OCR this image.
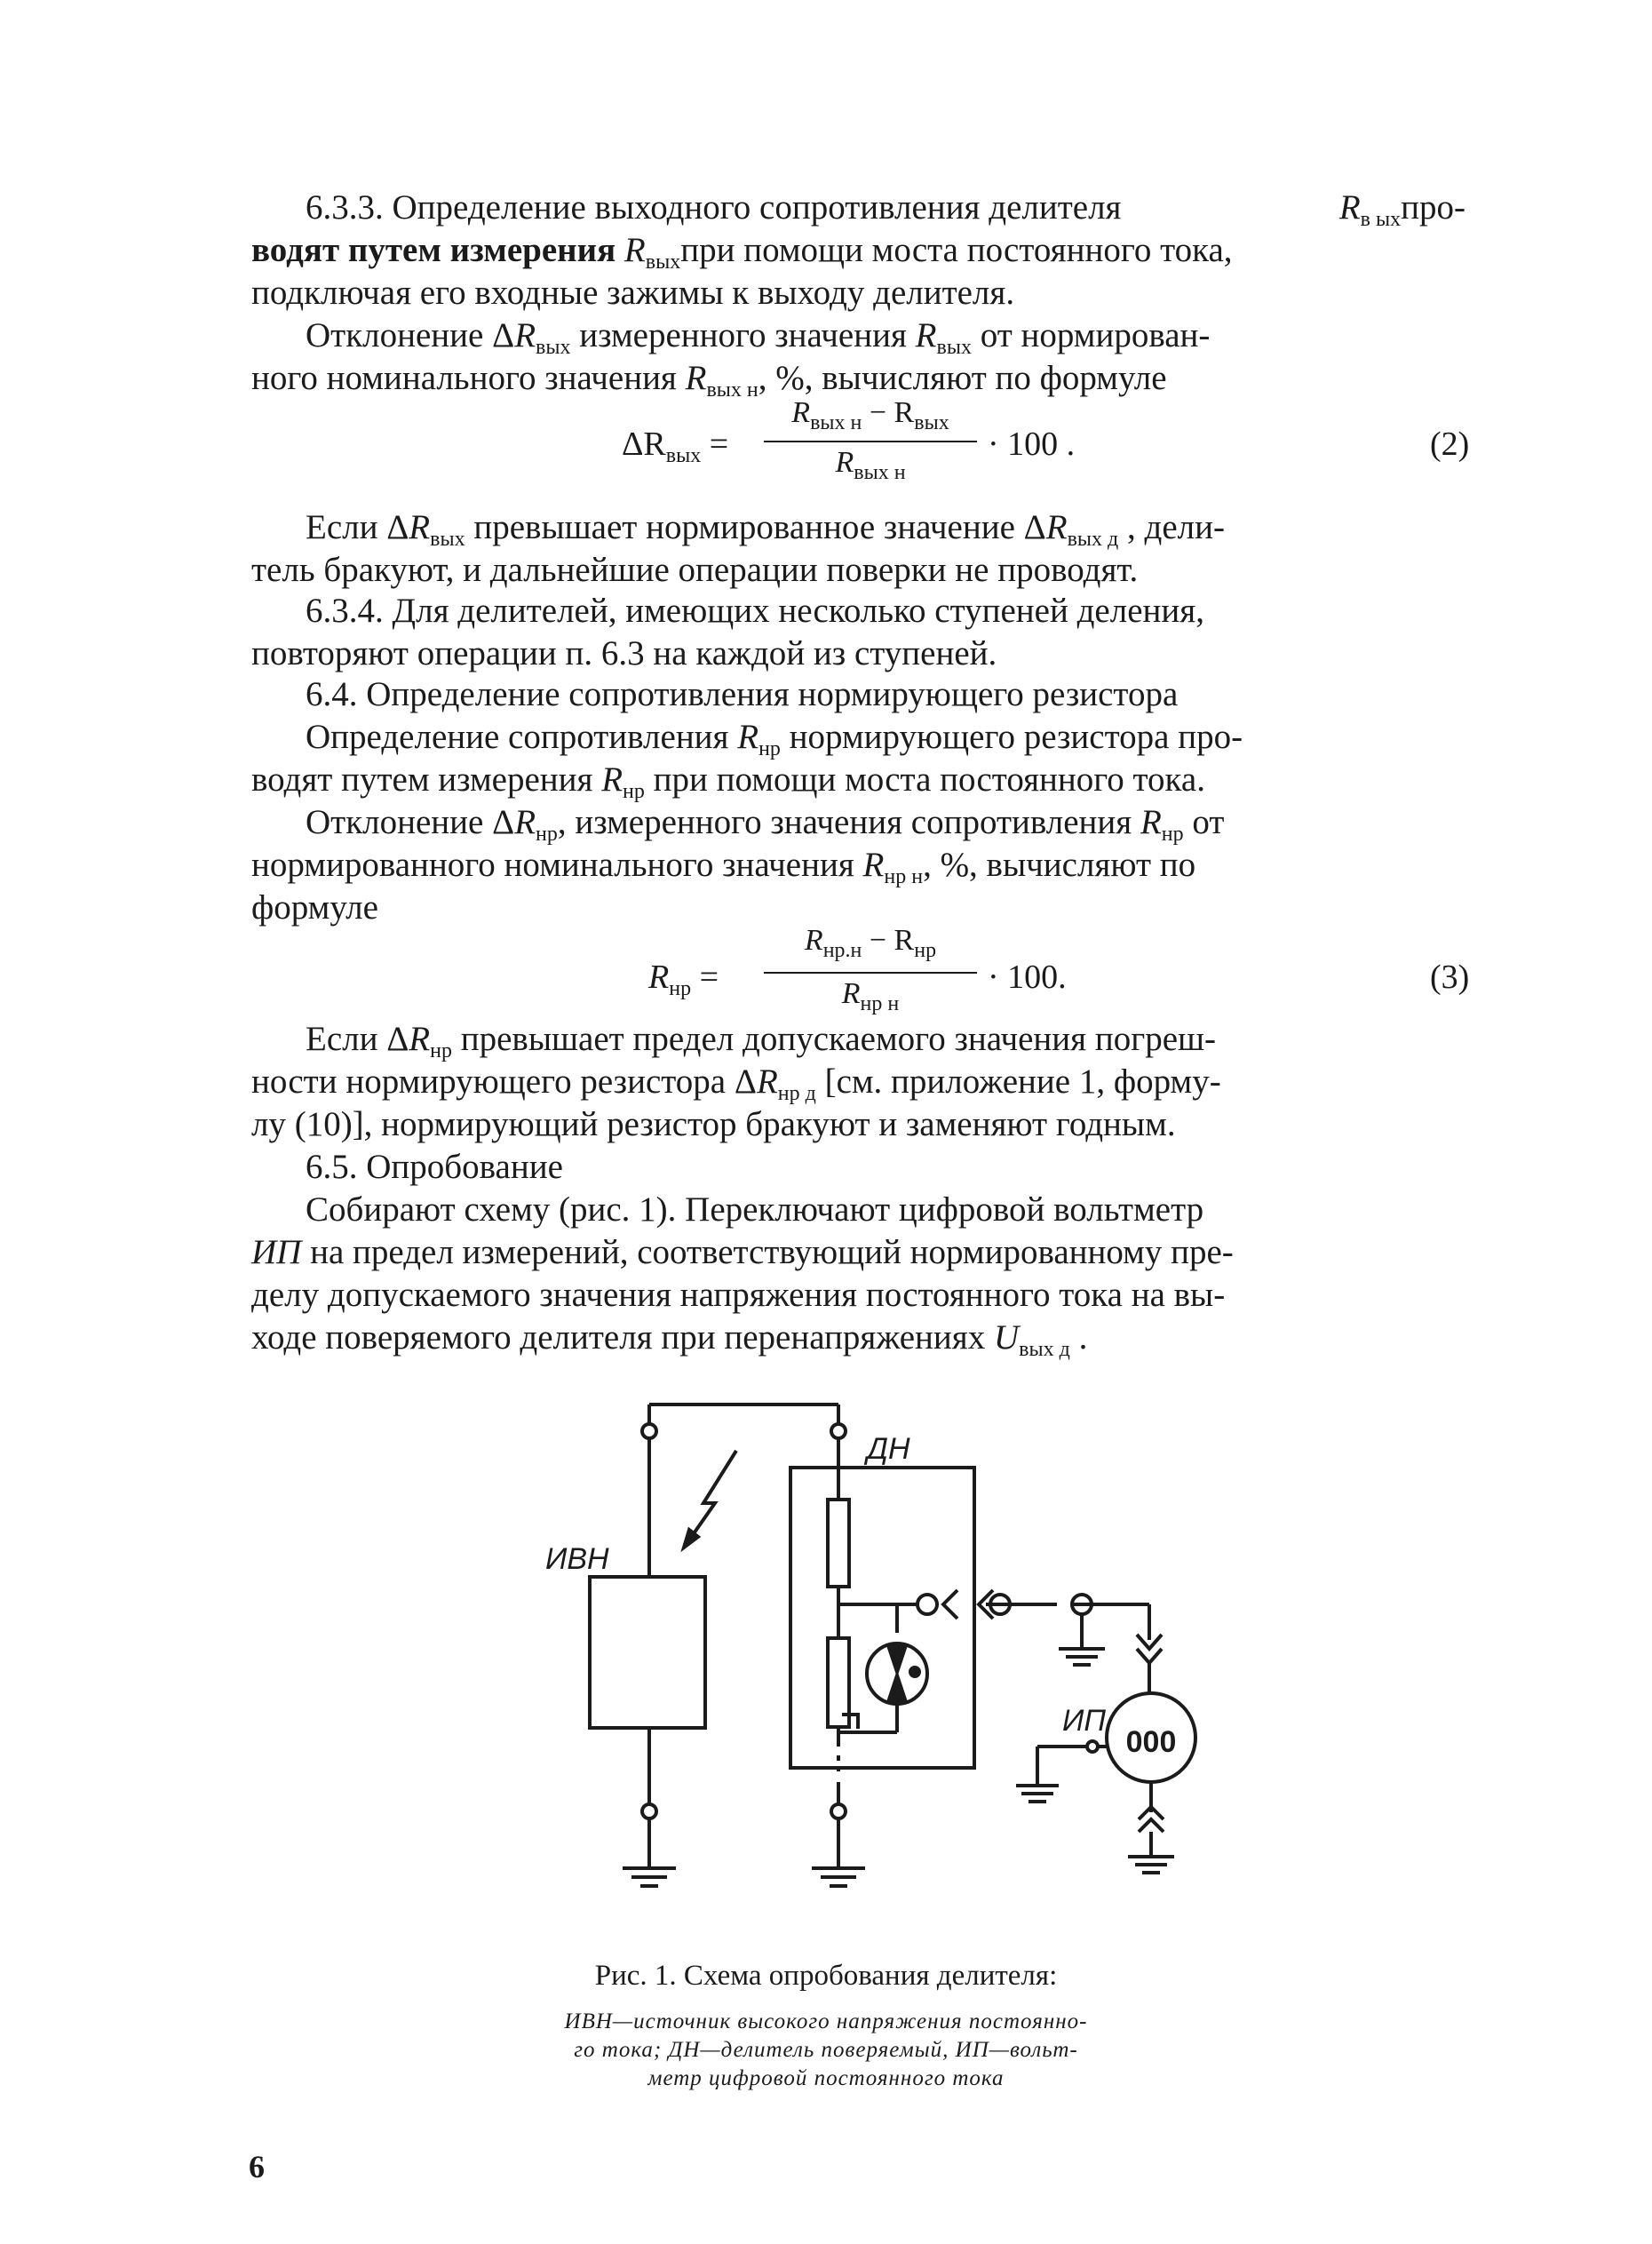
6.3.3. Определение выходного сопротивления делителя	Rв ыхпро-
водят путем измерения $R_{вых}при$ помощи моста постоянного тока,
подключая его входные зажимы к выходу делителя.
Отклонение $\Delta R_{вых}$ измеренного значения $R_{вых}$ от нормирован-
ного номинального значения $R_{вых н}$, %, вычисляют по формуле
$\Delta R_{вых}$ =
$R_{вых н} - R_{вых}$
$R_{вых н}$
· 100 .	(2)
Если $\Delta R_{вых}$ превышает нормированное значение $\Delta R_{вых д}$ , дели-
тель бракуют, и дальнейшие операции поверки не проводят.
6.3.4. Для делителей, имеющих несколько ступеней деления,
повторяют операции п. 6.3 на каждой из ступеней.
6.4. Определение сопротивления нормирующего резистора
Определение сопротивления $R_{нр}$ нормирующего резистора про-
водят путем измерения $R_{нр}$ при помощи моста постоянного тока.
Отклонение $\Delta R_{нр}$, измеренного значения сопротивления $R_{нр}$ от
нормированного номинального значения $R_{нр н}$, %, вычисляют по
формуле
$R_{нр}$ =
$R_{нр.н} - R_{нр}$
$R_{нр н}$
· 100.	(3)
Если $\Delta R_{нр}$ превышает предел допускаемого значения погреш-
ности нормирующего резистора $\Delta R_{нр д}$ [см. приложение 1, форму-
лу (10)], нормирующий резистор бракуют и заменяют годным.
6.5. Опробование
Собирают схему (рис. 1). Переключают цифровой вольтметр
ИП на предел измерений, соответствующий нормированному пре-
делу допускаемого значения напряжения постоянного тока на вы-
ходе поверяемого делителя при перенапряжениях $U_{вых д}$ .
ИВН
ДН
ИП
000
Рис. 1. Схема опробования делителя:
ИВН—источник высокого напряжения постоянно-
го тока; ДН—делитель поверяемый, ИП—вольт-
метр цифровой постоянного тока
6
